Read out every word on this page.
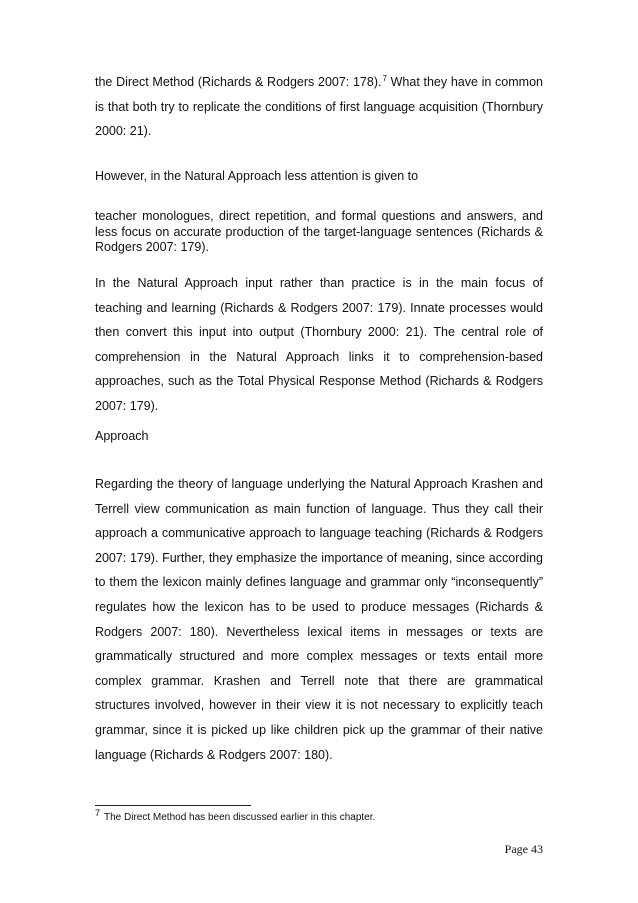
the Direct Method (Richards & Rodgers 2007: 178).$^7$ What they have in common is that both try to replicate the conditions of first language acquisition (Thornbury 2000: 21).

However, in the Natural Approach less attention is given to

teacher monologues, direct repetition, and formal questions and answers, and less focus on accurate production of the target-language sentences (Richards & Rodgers 2007: 179).

In the Natural Approach input rather than practice is in the main focus of teaching and learning (Richards & Rodgers 2007: 179). Innate processes would then convert this input into output (Thornbury 2000: 21). The central role of comprehension in the Natural Approach links it to comprehension-based approaches, such as the Total Physical Response Method (Richards & Rodgers 2007: 179).

Approach

Regarding the theory of language underlying the Natural Approach Krashen and Terrell view communication as main function of language. Thus they call their approach a communicative approach to language teaching (Richards & Rodgers 2007: 179). Further, they emphasize the importance of meaning, since according to them the lexicon mainly defines language and grammar only “inconsequently” regulates how the lexicon has to be used to produce messages (Richards & Rodgers 2007: 180). Nevertheless lexical items in messages or texts are grammatically structured and more complex messages or texts entail more complex grammar. Krashen and Terrell note that there are grammatical structures involved, however in their view it is not necessary to explicitly teach grammar, since it is picked up like children pick up the grammar of their native language (Richards & Rodgers 2007: 180).

7 The Direct Method has been discussed earlier in this chapter.
Page 43
